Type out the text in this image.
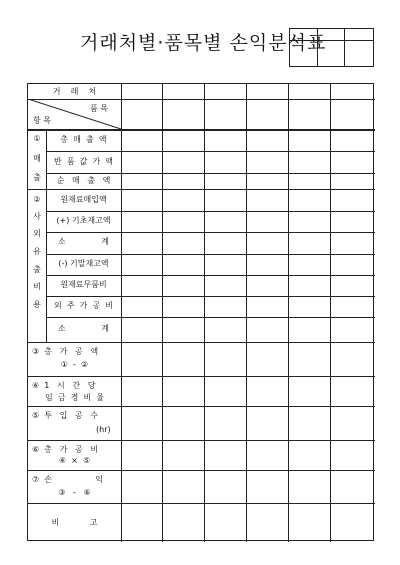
거래처별·품목별 손익분석표
거    래    처
품 목
항 목
①
매
출
②
사
외
유
출
비
용
총  매  출  액
반  품  값  가  액
순   매   출   액
원재료매입액
(+) 기초재고액
소              계
(-) 기말재고액
원재료무품비
외  주  가  공  비
소              계
③  총   가   공   액
①  -  ②
④  1   시   간   당
임  금  경  비  율
⑤  투   입   공   수
(hr)
⑥  총   가   공   비
④  ×  ⑤
⑦  손                 익
③   -   ⑥
비            고
